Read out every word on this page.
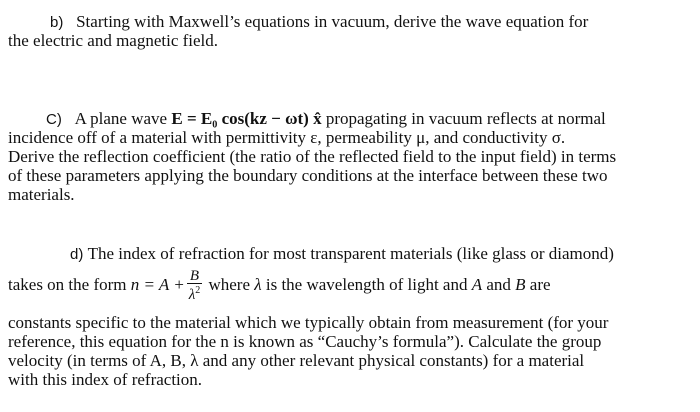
b) Starting with Maxwell’s equations in vacuum, derive the wave equation for
the electric and magnetic field.
C) A plane wave E = E₀ cos(kz − ωt) x̂ propagating in vacuum reflects at normal
incidence off of a material with permittivity ε, permeability μ, and conductivity σ.
Derive the reflection coefficient (the ratio of the reflected field to the input field) in terms
of these parameters applying the boundary conditions at the interface between these two
materials.
d) The index of refraction for most transparent materials (like glass or diamond)
takes on the form $n = A + \frac{B}{\lambda^2}$ where λ is the wavelength of light and A and B are
constants specific to the material which we typically obtain from measurement (for your
reference, this equation for the n is known as “Cauchy’s formula”). Calculate the group
velocity (in terms of A, B, λ and any other relevant physical constants) for a material
with this index of refraction.
